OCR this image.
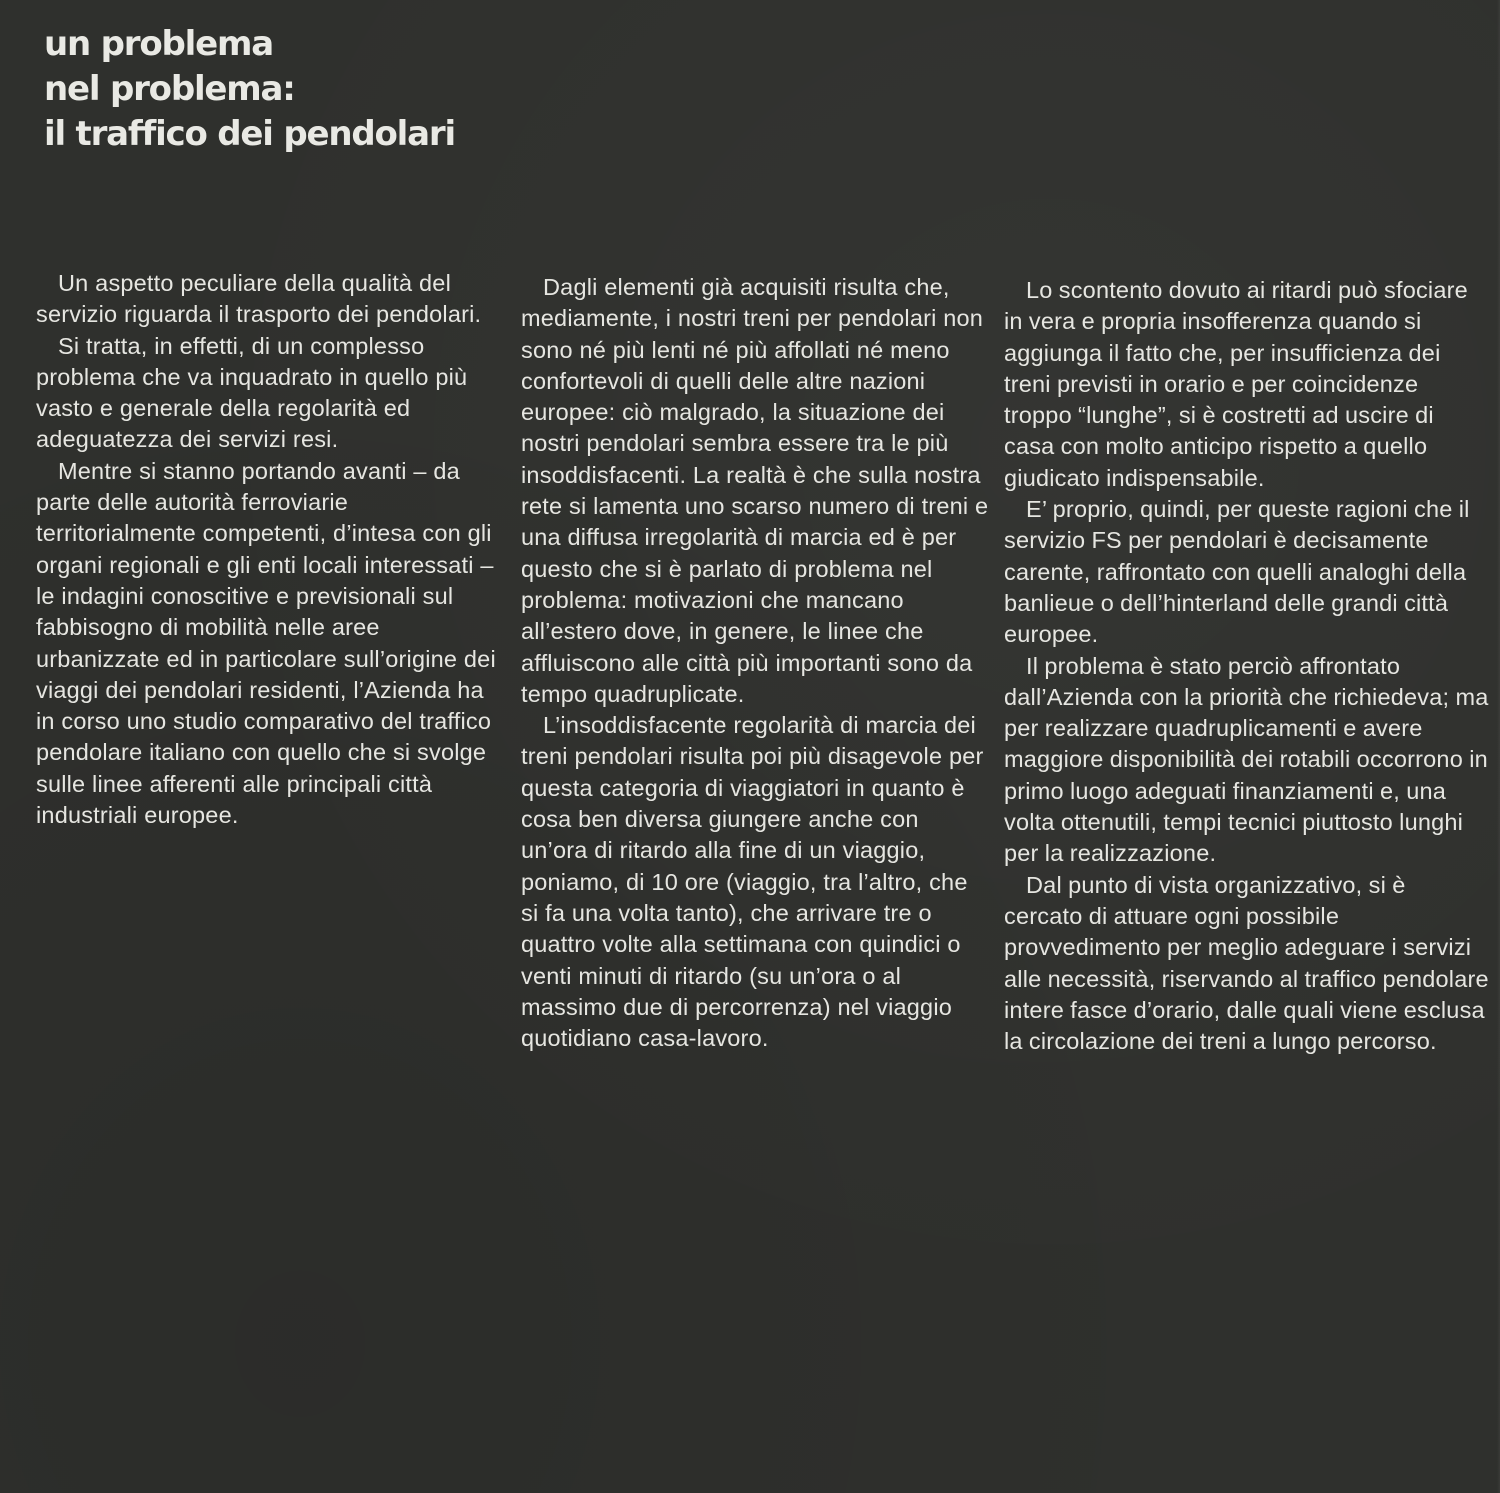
un problema
nel problema:
il traffico dei pendolari

Un aspetto peculiare della qualità del servizio riguarda il trasporto dei pendolari.

Si tratta, in effetti, di un complesso problema che va inquadrato in quello più vasto e generale della regolarità ed adeguatezza dei servizi resi.

Mentre si stanno portando avanti – da parte delle autorità ferroviarie territorialmente competenti, d’intesa con gli organi regionali e gli enti locali interessati – le indagini conoscitive e previsionali sul fabbisogno di mobilità nelle aree urbanizzate ed in particolare sull’origine dei viaggi dei pendolari residenti, l’Azienda ha in corso uno studio comparativo del traffico pendolare italiano con quello che si svolge sulle linee afferenti alle principali città industriali europee.

Dagli elementi già acquisiti risulta che, mediamente, i nostri treni per pendolari non sono né più lenti né più affollati né meno confortevoli di quelli delle altre nazioni europee: ciò malgrado, la situazione dei nostri pendolari sembra essere tra le più insoddisfacenti. La realtà è che sulla nostra rete si lamenta uno scarso numero di treni e una diffusa irregolarità di marcia ed è per questo che si è parlato di problema nel problema: motivazioni che mancano all’estero dove, in genere, le linee che affluiscono alle città più importanti sono da tempo quadruplicate.

L’insoddisfacente regolarità di marcia dei treni pendolari risulta poi più disagevole per questa categoria di viaggiatori in quanto è cosa ben diversa giungere anche con un’ora di ritardo alla fine di un viaggio, poniamo, di 10 ore (viaggio, tra l’altro, che si fa una volta tanto), che arrivare tre o quattro volte alla settimana con quindici o venti minuti di ritardo (su un’ora o al massimo due di percorrenza) nel viaggio quotidiano casa-lavoro.

Lo scontento dovuto ai ritardi può sfociare in vera e propria insofferenza quando si aggiunga il fatto che, per insufficienza dei treni previsti in orario e per coincidenze troppo “lunghe”, si è costretti ad uscire di casa con molto anticipo rispetto a quello giudicato indispensabile.

E’ proprio, quindi, per queste ragioni che il servizio FS per pendolari è decisamente carente, raffrontato con quelli analoghi della banlieue o dell’hinterland delle grandi città europee.

Il problema è stato perciò affrontato dall’Azienda con la priorità che richiedeva; ma per realizzare quadruplicamenti e avere maggiore disponibilità dei rotabili occorrono in primo luogo adeguati finanziamenti e, una volta ottenutili, tempi tecnici piuttosto lunghi per la realizzazione.

Dal punto di vista organizzativo, si è cercato di attuare ogni possibile provvedimento per meglio adeguare i servizi alle necessità, riservando al traffico pendolare intere fasce d’orario, dalle quali viene esclusa la circolazione dei treni a lungo percorso.
